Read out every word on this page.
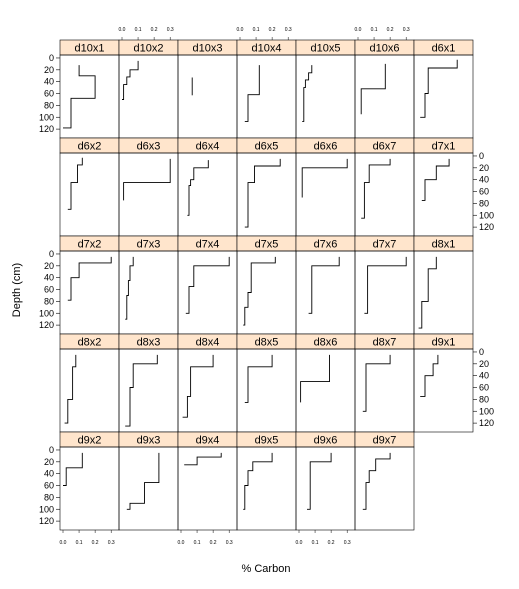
d10x1	d10x2	d10x3	d10x4	d10x5	d10x6	d6x1
d6x2	d6x3	d6x4	d6x5	d6x6	d6x7	d7x1
d7x2	d7x3	d7x4	d7x5	d7x6	d7x7	d8x1
d8x2	d8x3	d8x4	d8x5	d8x6	d8x7	d9x1
d9x2	d9x3	d9x4	d9x5	d9x6	d9x7
0
20
40
60
80
100
120
0
20
40
60
80
100
120
0
20
40
60
80
100
120
0
20
40
60
80
100
120
0
20
40
60
80
100
120
0.0 0.1 0.2 0.3	0.0 0.1 0.2 0.3	0.0 0.1 0.2 0.3
0.0 0.1 0.2 0.3	0.0 0.1 0.2 0.3	0.0 0.1 0.2 0.3
% Carbon
Depth (cm)
